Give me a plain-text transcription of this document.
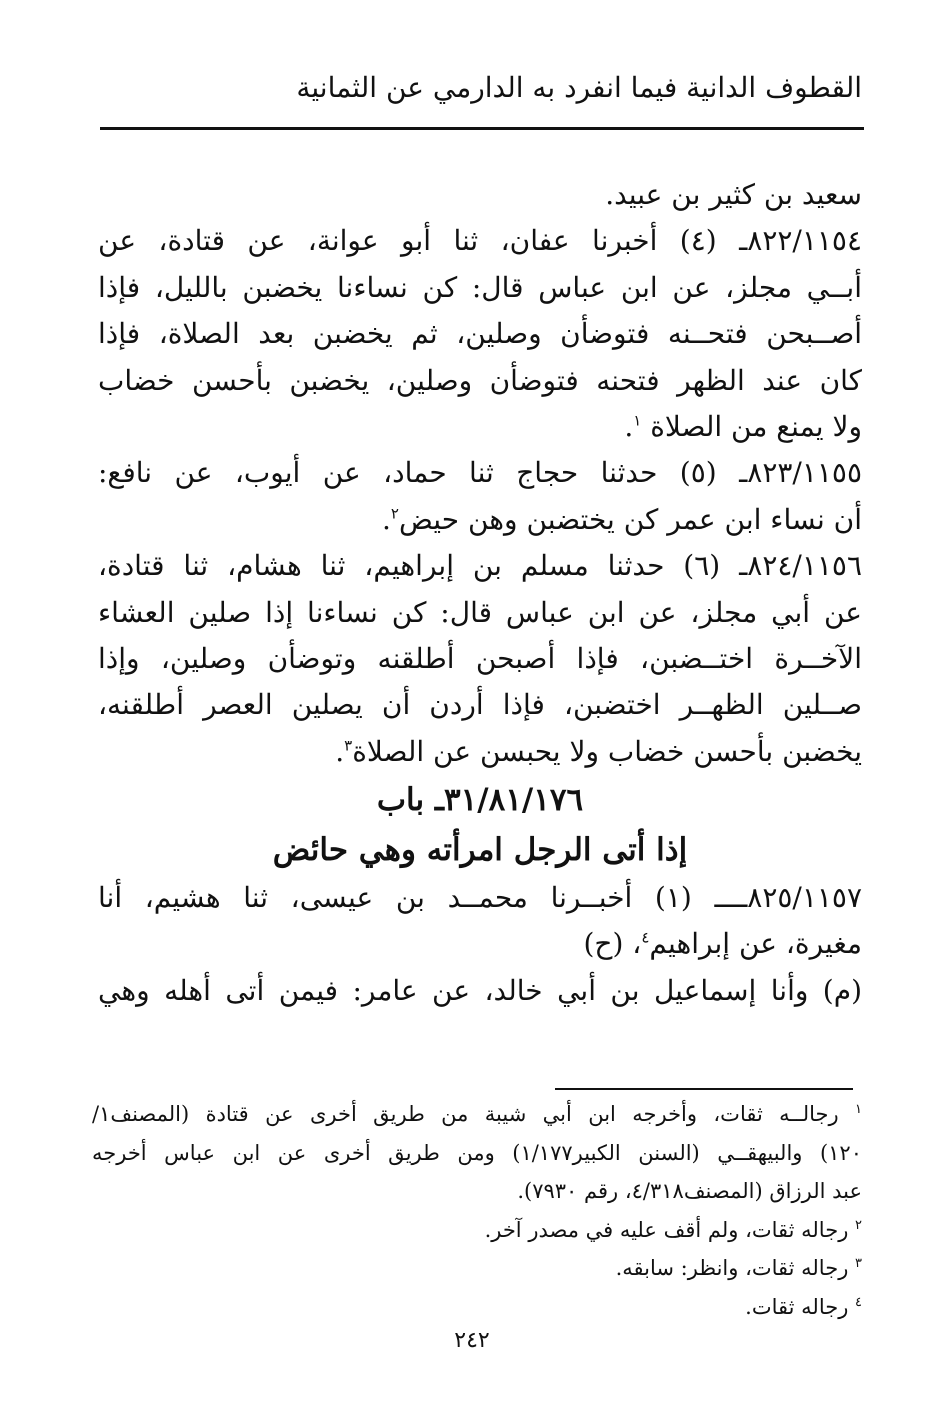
القطوف الدانية فيما انفرد به الدارمي عن الثمانية
سعيد بن كثير بن عبيد.
٨٢٢/١١٥٤ـ (٤) أخبرنا عفان، ثنا أبو عوانة، عن قتادة، عن
أبــي مجلز، عن ابن عباس قال: كن نساءنا يخضبن بالليل، فإذا
أصــبحن فتحــنه فتوضأن وصلين، ثم يخضبن بعد الصلاة، فإذا
كان عند الظهر فتحنه فتوضأن وصلين، يخضبن بأحسن خضاب
ولا يمنع من الصلاة $^١$.
٨٢٣/١١٥٥ـ (٥) حدثنا حجاج ثنا حماد، عن أيوب، عن نافع:
أن نساء ابن عمر كن يختضبن وهن حيض$^٢$.
٨٢٤/١١٥٦ـ (٦) حدثنا مسلم بن إبراهيم، ثنا هشام، ثنا قتادة،
عن أبي مجلز، عن ابن عباس قال: كن نساءنا إذا صلين العشاء
الآخــرة اختــضبن، فإذا أصبحن أطلقنه وتوضأن وصلين، وإذا
صــلين الظهــر اختضبن، فإذا أردن أن يصلين العصر أطلقنه،
يخضبن بأحسن خضاب ولا يحبسن عن الصلاة$^٣$.
٣١/٨١/١٧٦ـ باب
إذا أتى الرجل امرأته وهي حائض
٨٢٥/١١٥٧ــــ (١) أخبــرنا محمــد بن عيسى، ثنا هشيم، أنا
مغيرة، عن إبراهيم$^٤$، (ح)
(م) وأنا إسماعيل بن أبي خالد، عن عامر: فيمن أتى أهله وهي
$^١$ رجالــه ثقات، وأخرجه ابن أبي شيبة من طريق أخرى عن قتادة (المصنف١/
١٢٠) والبيهقــي (السنن الكبير١/١٧٧) ومن طريق أخرى عن ابن عباس أخرجه
عبد الرزاق (المصنف٤/٣١٨، رقم ٧٩٣٠).
$^٢$ رجاله ثقات، ولم أقف عليه في مصدر آخر.
$^٣$ رجاله ثقات، وانظر: سابقه.
$^٤$ رجاله ثقات.
٢٤٢
